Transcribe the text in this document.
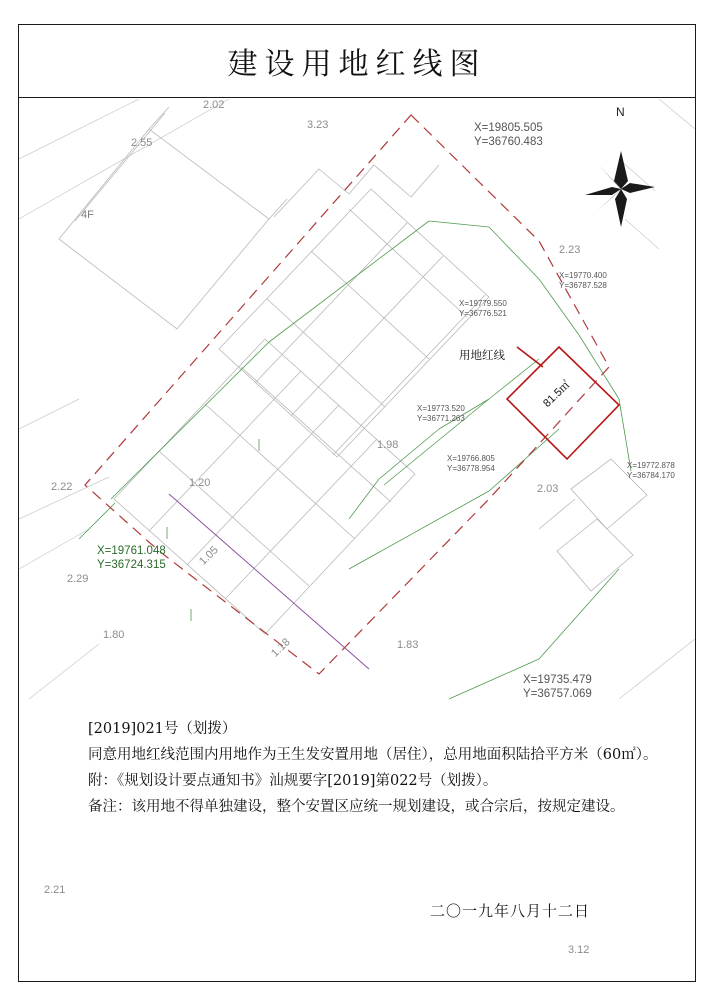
建设用地红线图
X=19805.505
Y=36760.483
X=19770.400
Y=36787.528
X=19779.550
Y=36776.521
X=19773.520
Y=36771.263
X=19766.805
Y=36778.954	X=19772.878
Y=36784.170
X=19761.048
Y=36724.315
X=19735.479
Y=36757.069
用地红线
81.5㎡
N
2.02
3.23
2.55
2.23
1.98
2.22
2.29
1.80
2.03
1.83
1.18
1.05
1.20
4F
2.21
3.12

[2019]021号（划拨）

同意用地红线范围内用地作为王生发安置用地（居住），总用地面积陆拾平方米（60㎡）。

附：《规划设计要点通知书》汕规要字[2019]第022号（划拨）。

备注：该用地不得单独建设，整个安置区应统一规划建设，或合宗后，按规定建设。

二〇一九年八月十二日
